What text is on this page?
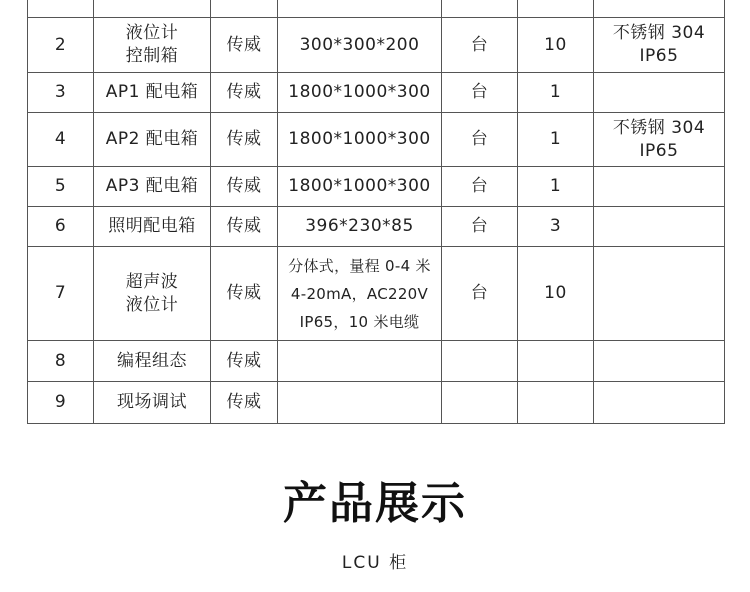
2	液位计
控制箱	传威	300*300*200	台	10	不锈钢 304
IP65

3	AP1 配电箱	传威	1800*1000*300	台	1	
4	AP2 配电箱	传威	1800*1000*300	台	1	不锈钢 304
IP65

5	AP3 配电箱	传威	1800*1000*300	台	1	
6	照明配电箱	传威	396*230*85	台	3	
7	超声波
液位计	传威	分体式，量程 0-4 米
4-20mA，AC220V
IP65，10 米电缆	台	10	
8	编程组态	传威	

9	现场调试	传威	

产品展示

LCU 柜
